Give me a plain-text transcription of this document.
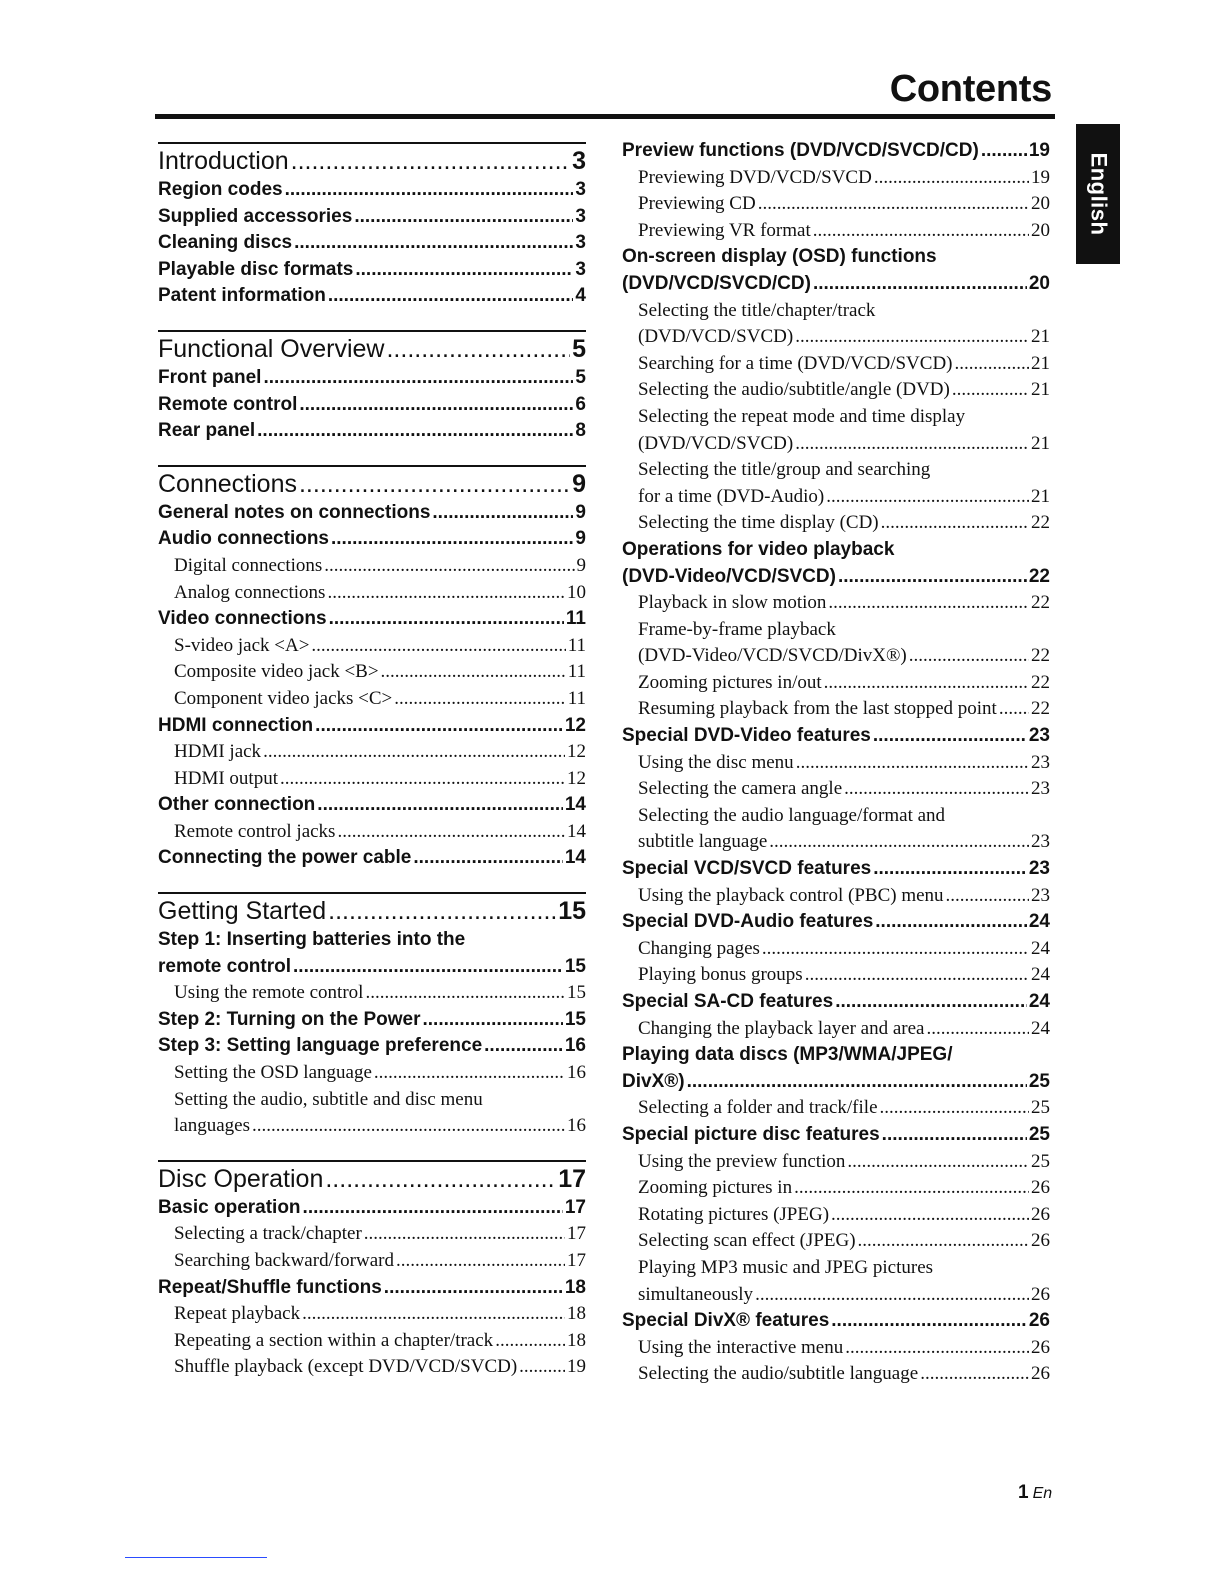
Contents
English
Introduction .....	3
Region codes .....	3
Supplied accessories .....	3
Cleaning discs .....	3
Playable disc formats .....	3
Patent information .....	4
Functional Overview .....	5
Front panel .....	5
Remote control .....	6
Rear panel .....	8
Connections .....	9
General notes on connections .....	9
Audio connections .....	9
Digital connections .....	9
Analog connections .....	10
Video connections .....	11
S-video jack <A> .....	11
Composite video jack <B> .....	11
Component video jacks <C> .....	11
HDMI connection .....	12
HDMI jack .....	12
HDMI output .....	12
Other connection .....	14
Remote control jacks .....	14
Connecting the power cable .....	14
Getting Started .....	15
Step 1: Inserting batteries into the
remote control .....	15
Using the remote control .....	15
Step 2: Turning on the Power .....	15
Step 3: Setting language preference .....	16
Setting the OSD language .....	16
Setting the audio, subtitle and disc menu
languages .....	16
Disc Operation .....	17
Basic operation .....	17
Selecting a track/chapter .....	17
Searching backward/forward .....	17
Repeat/Shuffle functions .....	18
Repeat playback .....	18
Repeating a section within a chapter/track .....	18
Shuffle playback (except DVD/VCD/SVCD) .....	19
Preview functions (DVD/VCD/SVCD/CD) .....	19
Previewing DVD/VCD/SVCD .....	19
Previewing CD .....	20
Previewing VR format .....	20
On-screen display (OSD) functions
(DVD/VCD/SVCD/CD) .....	20
Selecting the title/chapter/track
(DVD/VCD/SVCD) .....	21
Searching for a time (DVD/VCD/SVCD) .....	21
Selecting the audio/subtitle/angle (DVD) .....	21
Selecting the repeat mode and time display
(DVD/VCD/SVCD) .....	21
Selecting the title/group and searching
for a time (DVD-Audio) .....	21
Selecting the time display (CD) .....	22
Operations for video playback
(DVD-Video/VCD/SVCD) .....	22
Playback in slow motion .....	22
Frame-by-frame playback
(DVD-Video/VCD/SVCD/DivX®) .....	22
Zooming pictures in/out .....	22
Resuming playback from the last stopped point ..... 22
Special DVD-Video features .....	23
Using the disc menu .....	23
Selecting the camera angle .....	23
Selecting the audio language/format and
subtitle language .....	23
Special VCD/SVCD features .....	23
Using the playback control (PBC) menu .....	23
Special DVD-Audio features .....	24
Changing pages .....	24
Playing bonus groups .....	24
Special SA-CD features .....	24
Changing the playback layer and area .....	24
Playing data discs (MP3/WMA/JPEG/
DivX®) .....	25
Selecting a folder and track/file .....	25
Special picture disc features .....	25
Using the preview function .....	25
Zooming pictures in .....	26
Rotating pictures (JPEG) .....	26
Selecting scan effect (JPEG) .....	26
Playing MP3 music and JPEG pictures
simultaneously .....	26
Special DivX® features .....	26
Using the interactive menu .....	26
Selecting the audio/subtitle language .....	26
1 En
